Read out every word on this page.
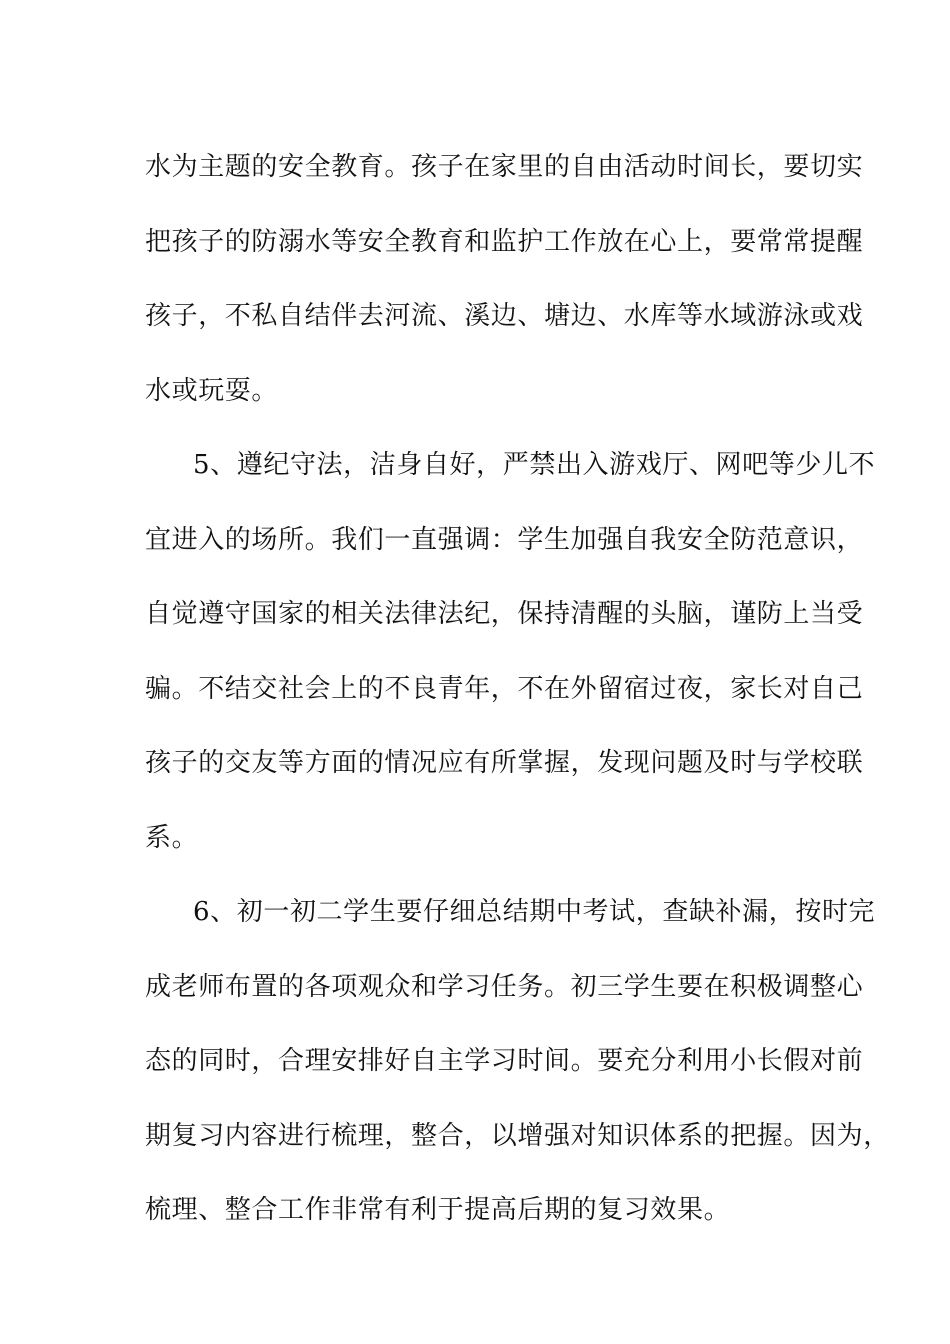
水为主题的安全教育。孩子在家里的自由活动时间长，要切实
把孩子的防溺水等安全教育和监护工作放在心上，要常常提醒
孩子，不私自结伴去河流、溪边、塘边、水库等水域游泳或戏
水或玩耍。
5、遵纪守法，洁身自好，严禁出入游戏厅、网吧等少儿不
宜进入的场所。我们一直强调：学生加强自我安全防范意识，
自觉遵守国家的相关法律法纪，保持清醒的头脑，谨防上当受
骗。不结交社会上的不良青年，不在外留宿过夜，家长对自己
孩子的交友等方面的情况应有所掌握，发现问题及时与学校联
系。
6、初一初二学生要仔细总结期中考试，查缺补漏，按时完
成老师布置的各项观众和学习任务。初三学生要在积极调整心
态的同时，合理安排好自主学习时间。要充分利用小长假对前
期复习内容进行梳理，整合，以增强对知识体系的把握。因为，
梳理、整合工作非常有利于提高后期的复习效果。
